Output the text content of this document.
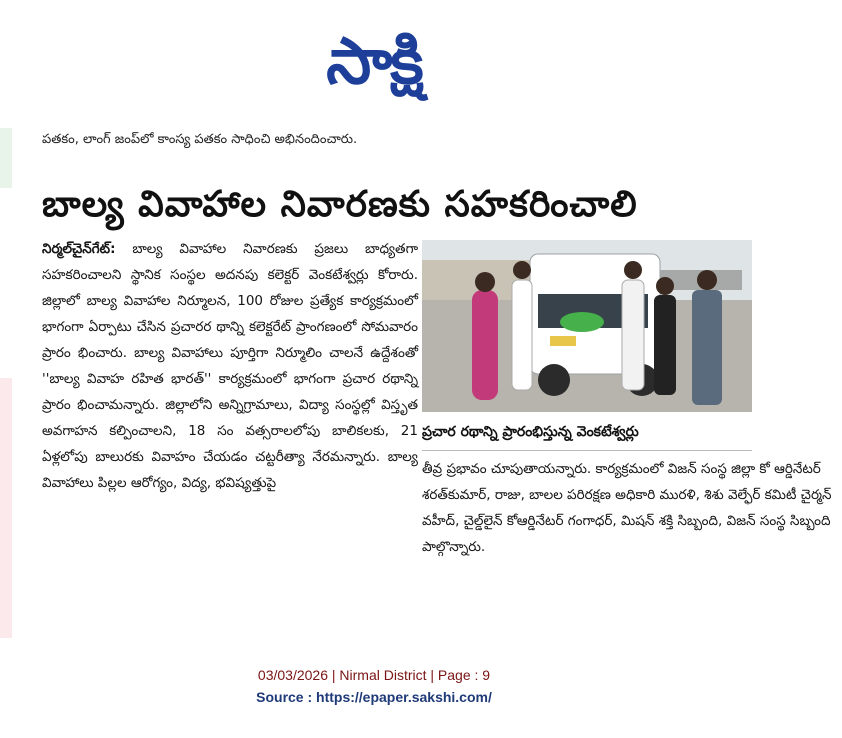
సాక్షి
పతకం, లాంగ్ జంప్‌లో కాంస్య పతకం సాధించి అభినందించారు.
బాల్య వివాహాల నివారణకు సహకరించాలి

నిర్మల్‌చైన్‌గేట్: బాల్య వివాహాల నివారణకు ప్రజలు బాధ్యతగా సహకరించాలని స్థానిక సంస్థల అదనపు కలెక్టర్ వెంకటేశ్వర్లు కోరారు. జిల్లాలో బాల్య వివాహాల నిర్మూలన, 100 రోజుల ప్రత్యేక కార్యక్రమంలో భాగంగా ఏర్పాటు చేసిన ప్రచారర థాన్ని కలెక్టరేట్ ప్రాంగణంలో సోమవారం ప్రారం భించారు. బాల్య వివాహాలు పూర్తిగా నిర్మూలిం చాలనే ఉద్దేశంతో ''బాల్య వివాహ రహిత భారత్'' కార్యక్రమంలో భాగంగా ప్రచార రథాన్ని ప్రారం భించామన్నారు. జిల్లాలోని అన్నిగ్రామాలు, విద్యా సంస్థల్లో విస్తృత అవగాహన కల్పించాలని, 18 సం వత్సరాలలోపు బాలికలకు, 21 ఏళ్లలోపు బాలురకు వివాహం చేయడం చట్టరీత్యా నేరమన్నారు. బాల్య వివాహాలు పిల్లల ఆరోగ్యం, విద్య, భవిష్యత్తుపై

ప్రచార రథాన్ని ప్రారంభిస్తున్న వెంకటేశ్వర్లు

తీవ్ర ప్రభావం చూపుతాయన్నారు. కార్యక్రమంలో విజన్ సంస్థ జిల్లా కో ఆర్డినేటర్ శరత్‌కుమార్, రాజు, బాలల పరిరక్షణ అధికారి మురళి, శిశు వెల్ఫేర్ కమిటీ చైర్మన్ వహీద్, చైల్డ్‌లైన్ కోఆర్డినేటర్ గంగాధర్, మిషన్ శక్తి సిబ్బంది, విజన్ సంస్థ సిబ్బంది పాల్గొన్నారు.

03/03/2026 | Nirmal District | Page : 9
Source : https://epaper.sakshi.com/
